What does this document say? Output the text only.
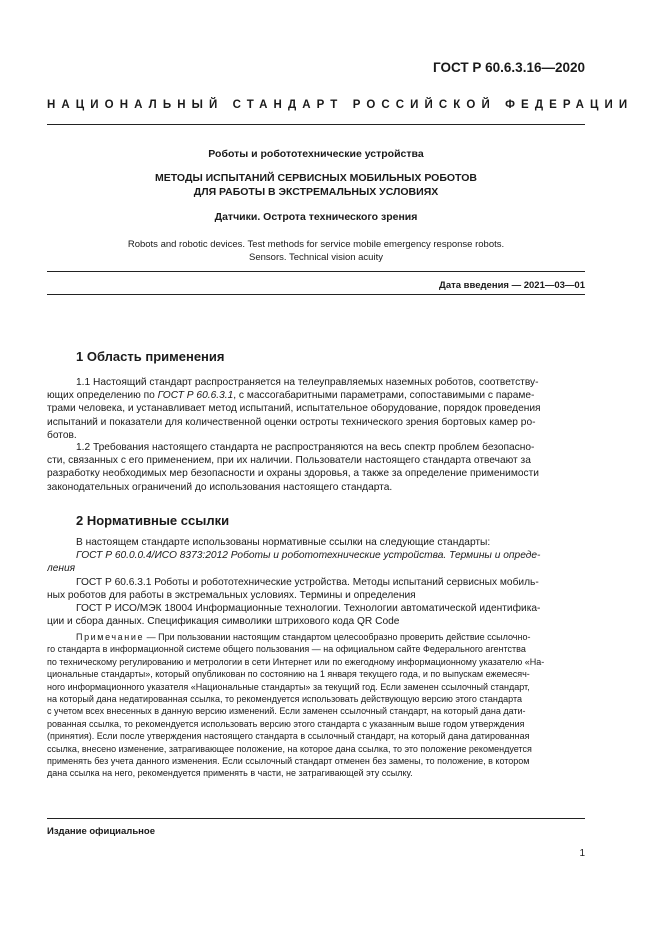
ГОСТ Р 60.6.3.16—2020
НАЦИОНАЛЬНЫЙ СТАНДАРТ РОССИЙСКОЙ ФЕДЕРАЦИИ
Роботы и робототехнические устройства
МЕТОДЫ ИСПЫТАНИЙ СЕРВИСНЫХ МОБИЛЬНЫХ РОБОТОВ
ДЛЯ РАБОТЫ В ЭКСТРЕМАЛЬНЫХ УСЛОВИЯХ
Датчики. Острота технического зрения
Robots and robotic devices. Test methods for service mobile emergency response robots.
Sensors. Technical vision acuity
Дата введения — 2021—03—01
1 Область применения
1.1 Настоящий стандарт распространяется на телеуправляемых наземных роботов, соответству-
ющих определению по ГОСТ Р 60.6.3.1, с массогабаритными параметрами, сопоставимыми с параме-
трами человека, и устанавливает метод испытаний, испытательное оборудование, порядок проведения
испытаний и показатели для количественной оценки остроты технического зрения бортовых камер ро-
ботов.
1.2 Требования настоящего стандарта не распространяются на весь спектр проблем безопасно-
сти, связанных с его применением, при их наличии. Пользователи настоящего стандарта отвечают за
разработку необходимых мер безопасности и охраны здоровья, а также за определение применимости
законодательных ограничений до использования настоящего стандарта.
2 Нормативные ссылки
В настоящем стандарте использованы нормативные ссылки на следующие стандарты:
ГОСТ Р 60.0.0.4/ИСО 8373:2012 Роботы и робототехнические устройства. Термины и опреде-
ления
ГОСТ Р 60.6.3.1 Роботы и робототехнические устройства. Методы испытаний сервисных мобиль-
ных роботов для работы в экстремальных условиях. Термины и определения
ГОСТ Р ИСО/МЭК 18004 Информационные технологии. Технологии автоматической идентифика-
ции и сбора данных. Спецификация символики штрихового кода QR Code
Примечание — При пользовании настоящим стандартом целесообразно проверить действие ссылочно-
го стандарта в информационной системе общего пользования — на официальном сайте Федерального агентства
по техническому регулированию и метрологии в сети Интернет или по ежегодному информационному указателю «На-
циональные стандарты», который опубликован по состоянию на 1 января текущего года, и по выпускам ежемесяч-
ного информационного указателя «Национальные стандарты» за текущий год. Если заменен ссылочный стандарт,
на который дана недатированная ссылка, то рекомендуется использовать действующую версию этого стандарта
с учетом всех внесенных в данную версию изменений. Если заменен ссылочный стандарт, на который дана дати-
рованная ссылка, то рекомендуется использовать версию этого стандарта с указанным выше годом утверждения
(принятия). Если после утверждения настоящего стандарта в ссылочный стандарт, на который дана датированная
ссылка, внесено изменение, затрагивающее положение, на которое дана ссылка, то это положение рекомендуется
применять без учета данного изменения. Если ссылочный стандарт отменен без замены, то положение, в котором
дана ссылка на него, рекомендуется применять в части, не затрагивающей эту ссылку.
Издание официальное
1
